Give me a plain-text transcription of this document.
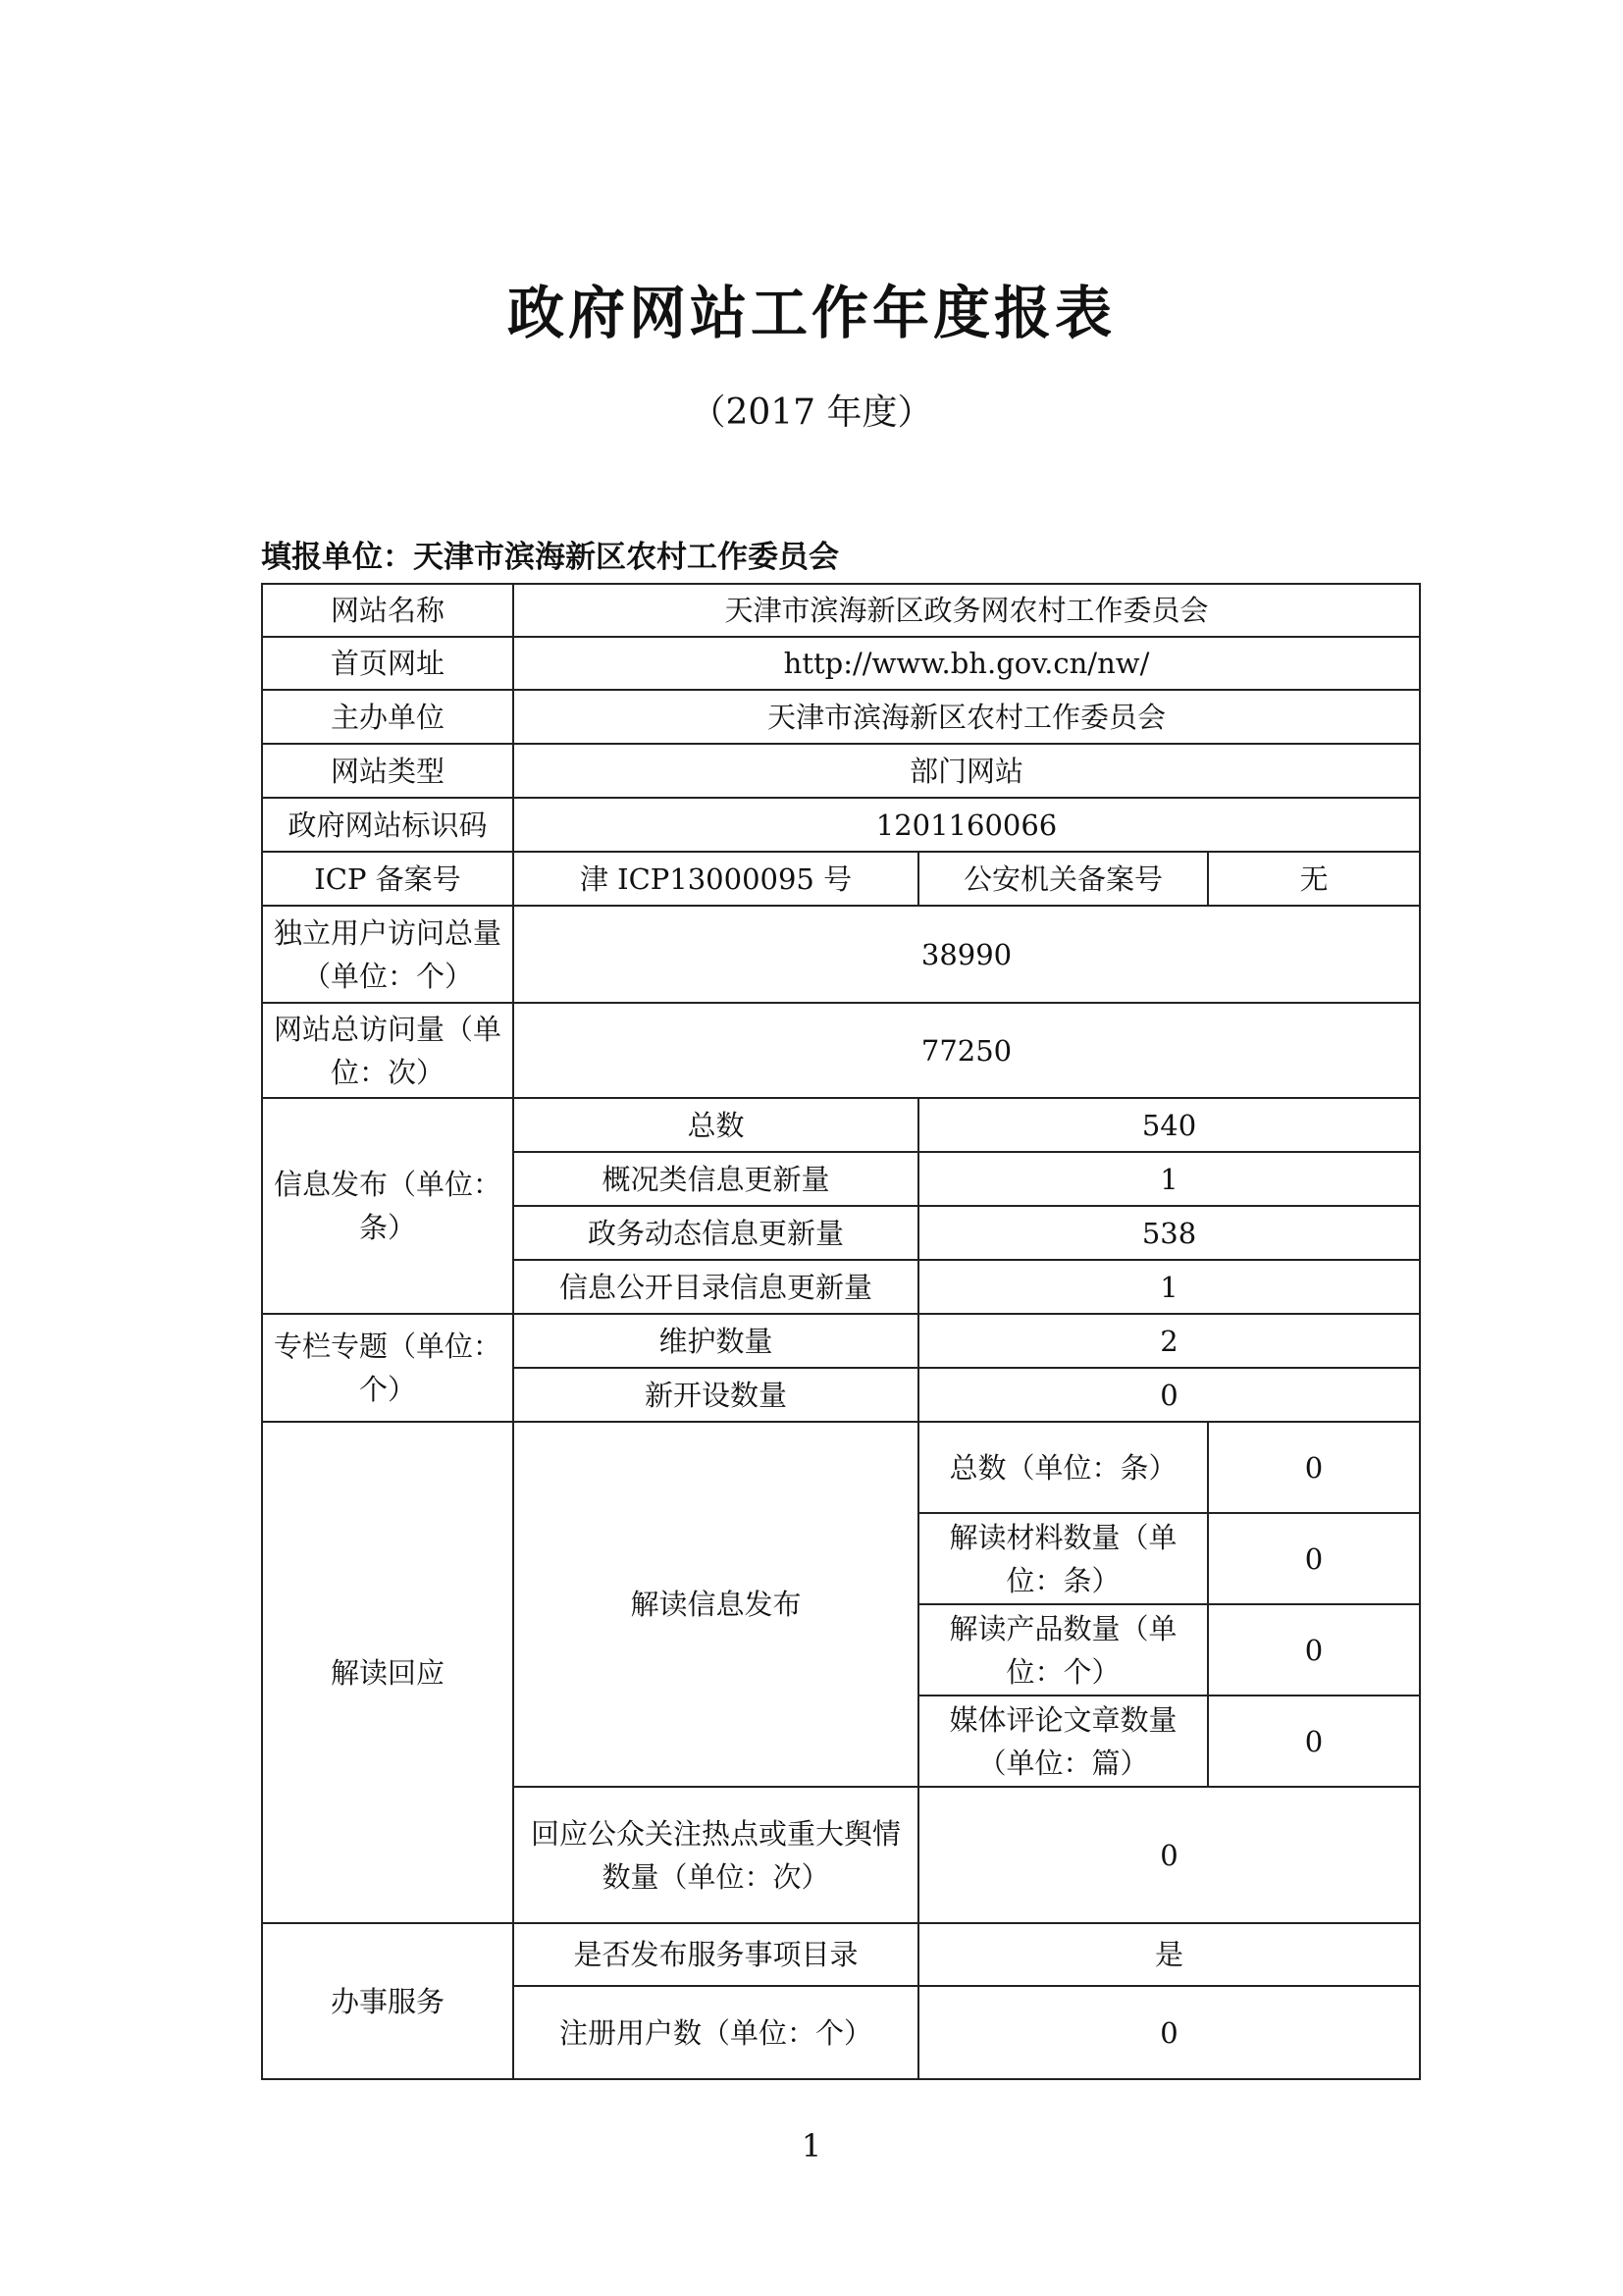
政府网站工作年度报表
（2017 年度）
填报单位：天津市滨海新区农村工作委员会
网站名称	天津市滨海新区政务网农村工作委员会		
首页网址	http://www.bh.gov.cn/nw/		
主办单位	天津市滨海新区农村工作委员会		
网站类型	部门网站		
政府网站标识码	1201160066		
ICP 备案号	津 ICP13000095 号	公安机关备案号	无
独立用户访问总量（单位：个）	38990		
网站总访问量（单位：次）	77250		
信息发布（单位：条）	总数	540	
	概况类信息更新量	1	
	政务动态信息更新量	538	
	信息公开目录信息更新量	1	
专栏专题（单位：个）	维护数量	2	
	新开设数量	0	
解读回应	解读信息发布	总数（单位：条）	0
		解读材料数量（单位：条）	0
		解读产品数量（单位：个）	0
		媒体评论文章数量（单位：篇）	0
	回应公众关注热点或重大舆情数量（单位：次）	0	
办事服务	是否发布服务事项目录	是	
	注册用户数（单位：个）	0	
1
